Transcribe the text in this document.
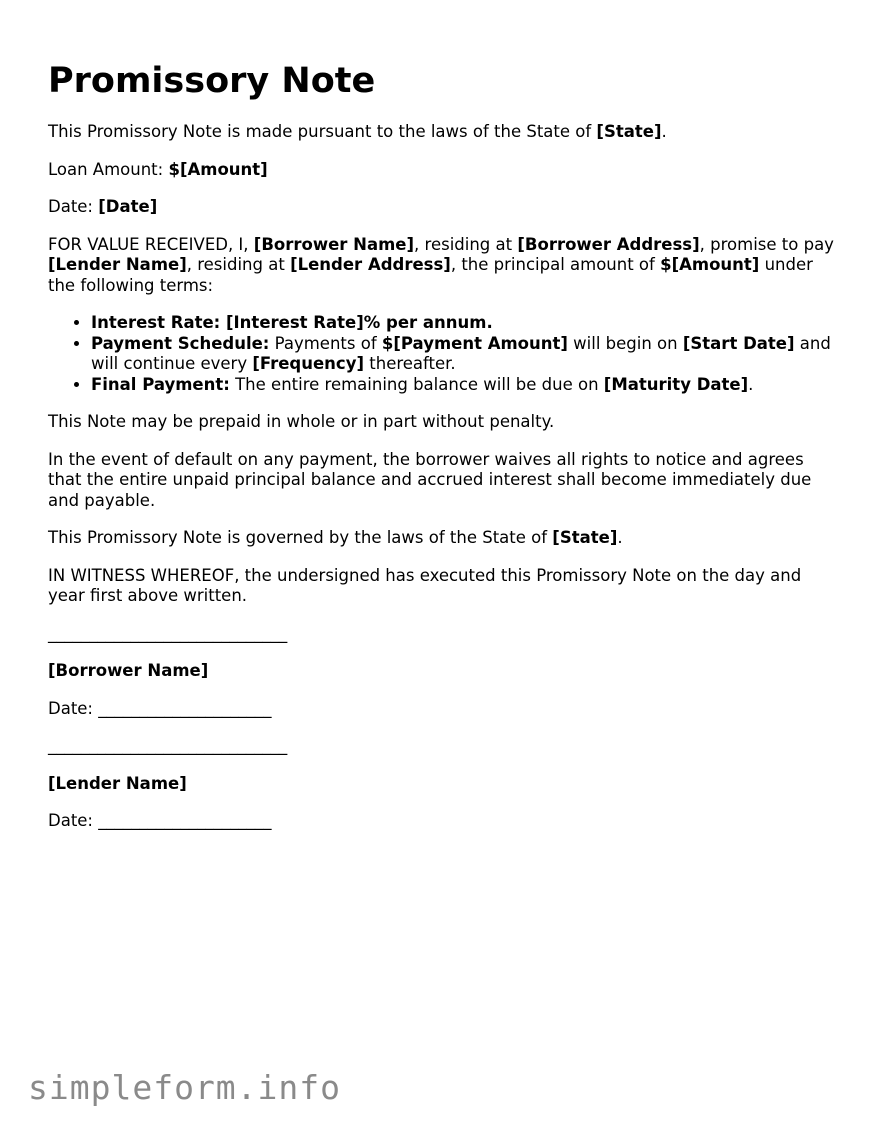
Promissory Note

This Promissory Note is made pursuant to the laws of the State of [State].

Loan Amount: $[Amount]

Date: [Date]

FOR VALUE RECEIVED, I, [Borrower Name], residing at [Borrower Address], promise to pay [Lender Name], residing at [Lender Address], the principal amount of $[Amount] under the following terms:

• Interest Rate: [Interest Rate]% per annum.
• Payment Schedule: Payments of $[Payment Amount] will begin on [Start Date] and will continue every [Frequency] thereafter.
• Final Payment: The entire remaining balance will be due on [Maturity Date].

This Note may be prepaid in whole or in part without penalty.

In the event of default on any payment, the borrower waives all rights to notice and agrees that the entire unpaid principal balance and accrued interest shall become immediately due and payable.

This Promissory Note is governed by the laws of the State of [State].

IN WITNESS WHEREOF, the undersigned has executed this Promissory Note on the day and year first above written.

_____________________________

[Borrower Name]

Date: _____________________

_____________________________

[Lender Name]

Date: _____________________

simpleform.info
